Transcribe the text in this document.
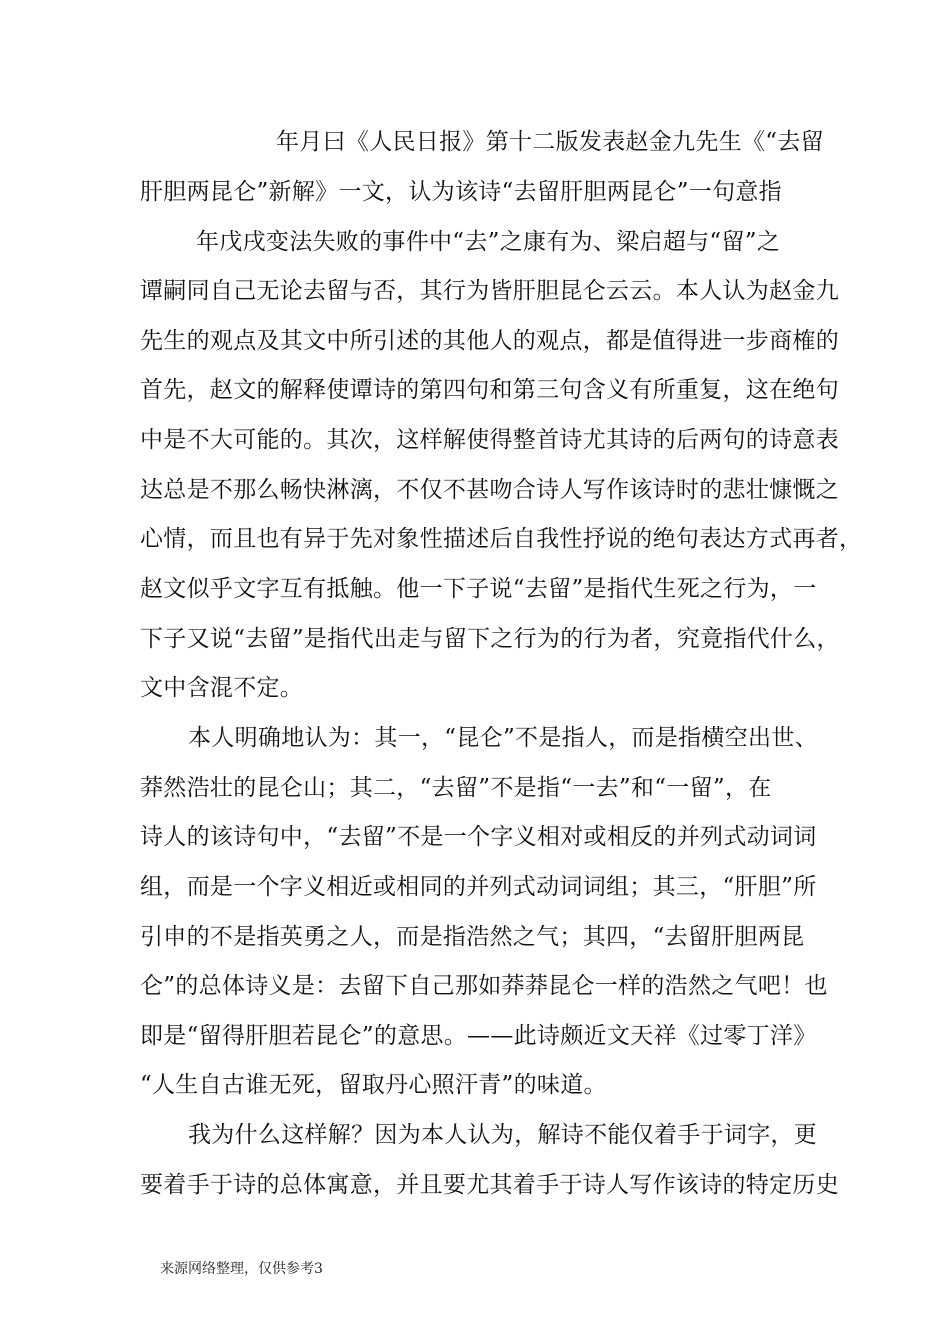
年月曰《人民日报》第十二版发表赵金九先生《“去留
肝胆两昆仑”新解》一文，认为该诗“去留肝胆两昆仑”一句意指
年戊戌变法失败的事件中“去”之康有为、梁启超与“留”之
谭嗣同自己无论去留与否，其行为皆肝胆昆仑云云。本人认为赵金九
先生的观点及其文中所引述的其他人的观点，都是值得进一步商榷的
首先，赵文的解释使谭诗的第四句和第三句含义有所重复，这在绝句
中是不大可能的。其次，这样解使得整首诗尤其诗的后两句的诗意表
达总是不那么畅快淋漓，不仅不甚吻合诗人写作该诗时的悲壮慷慨之
心情，而且也有异于先对象性描述后自我性抒说的绝句表达方式再者，
赵文似乎文字互有抵触。他一下子说“去留”是指代生死之行为，一
下子又说“去留”是指代出走与留下之行为的行为者，究竟指代什么，
文中含混不定。
本人明确地认为：其一，“昆仑”不是指人，而是指横空出世、
莽然浩壮的昆仑山；其二，“去留”不是指“一去”和“一留”，在
诗人的该诗句中，“去留”不是一个字义相对或相反的并列式动词词
组，而是一个字义相近或相同的并列式动词词组；其三，“肝胆”所
引申的不是指英勇之人，而是指浩然之气；其四，“去留肝胆两昆
仑”的总体诗义是：去留下自己那如莽莽昆仑一样的浩然之气吧！也
即是“留得肝胆若昆仑”的意思。——此诗颇近文天祥《过零丁洋》
“人生自古谁无死，留取丹心照汗青”的味道。
我为什么这样解？因为本人认为，解诗不能仅着手于词字，更
要着手于诗的总体寓意，并且要尤其着手于诗人写作该诗的特定历史
来源网络整理，仅供参考3
